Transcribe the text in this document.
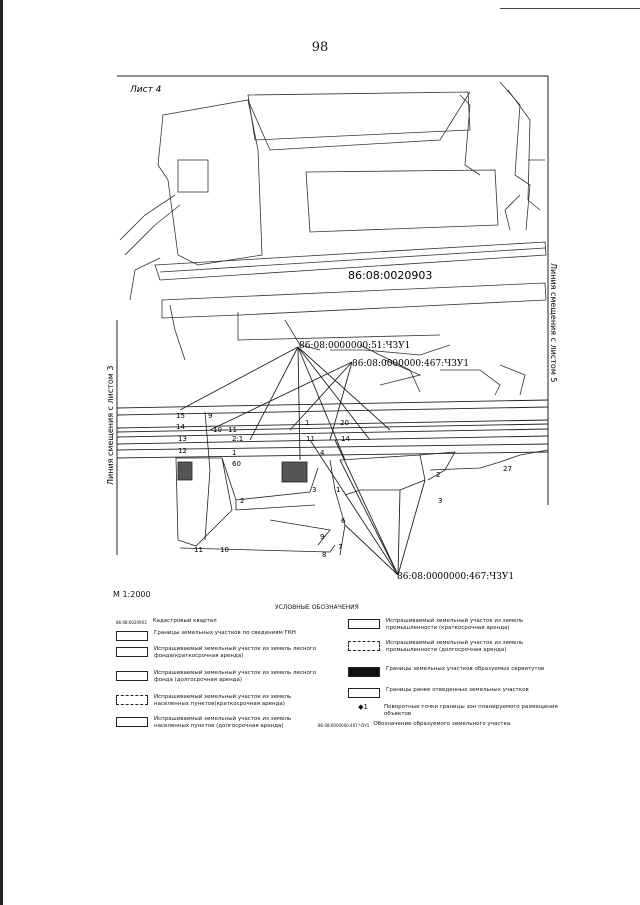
98
Лист 4
86:08:0020903
86:08:0000000:51:ЧЗУ1
86:08:0000000:467:ЧЗУ1
86:08:0000000:467:ЧЗУ1
15
14
13
12
9
10 11
2:1
1
60
3
2
1
2
3
6
9
7
8
11 10
27
1
14
11
4
20
Линия смещения с листом 5
Линия смещения с листом 3
М 1:2000
УСЛОВНЫЕ ОБОЗНАЧЕНИЯ
86:08:0020903 Кадастровый квартал
Границы земельных участков по сведениям ГКН
Испрашиваемый земельный участок из земель лесного фонда(краткосрочная аренда)
Испрашиваемый земельный участок из земель лесного фонда (долгосрочная аренда)
Испрашиваемый земельный участок из земель населенных пунктов(краткосрочная аренда)
Испрашиваемый земельный участок из земель населенных пунктов (долгосрочная аренда)
Испрашиваемый земельный участок из земель промышленности (краткосрочная аренда)
Испрашиваемый земельный участок из земель промышленности (долгосрочная аренда)
Границы земельных участков образуемых сервитутов
Границы ранее отведенных земельных участков
◆1	Поворотные точки границы зон планируемого размещения объектов
86:08:0000000:467:ЧЗУ1 Обозначение образуемого земельного участка
